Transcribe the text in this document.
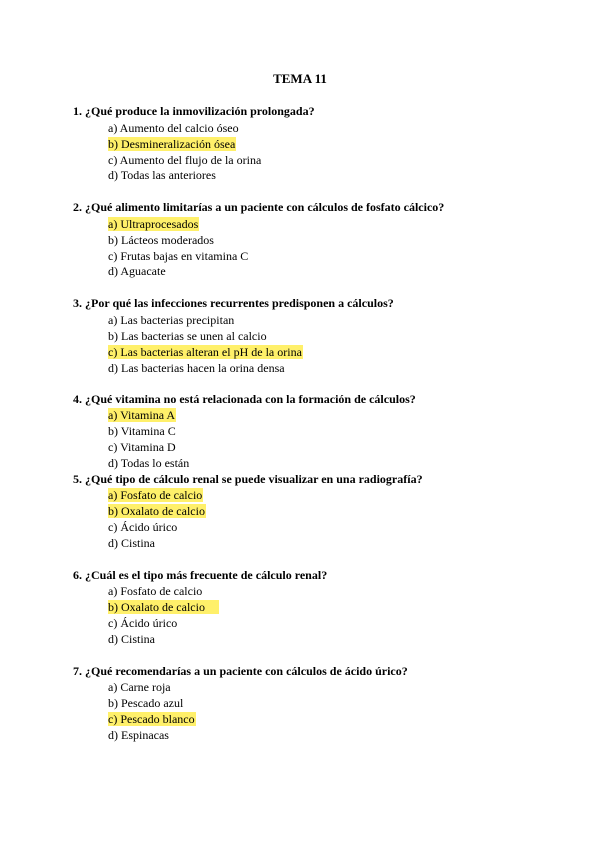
TEMA 11
1. ¿Qué produce la inmovilización prolongada?
a) Aumento del calcio óseo
b) Desmineralización ósea
c) Aumento del flujo de la orina
d) Todas las anteriores
2. ¿Qué alimento limitarías a un paciente con cálculos de fosfato cálcico?
a) Ultraprocesados
b) Lácteos moderados
c) Frutas bajas en vitamina C
d) Aguacate
3. ¿Por qué las infecciones recurrentes predisponen a cálculos?
a) Las bacterias precipitan
b) Las bacterias se unen al calcio
c) Las bacterias alteran el pH de la orina
d) Las bacterias hacen la orina densa
4. ¿Qué vitamina no está relacionada con la formación de cálculos?
a) Vitamina A
b) Vitamina C
c) Vitamina D
d) Todas lo están
5. ¿Qué tipo de cálculo renal se puede visualizar en una radiografía?
a) Fosfato de calcio
b) Oxalato de calcio
c) Ácido úrico
d) Cistina
6. ¿Cuál es el tipo más frecuente de cálculo renal?
a) Fosfato de calcio
b) Oxalato de calcio
c) Ácido úrico
d) Cistina
7. ¿Qué recomendarías a un paciente con cálculos de ácido úrico?
a) Carne roja
b) Pescado azul
c) Pescado blanco
d) Espinacas
